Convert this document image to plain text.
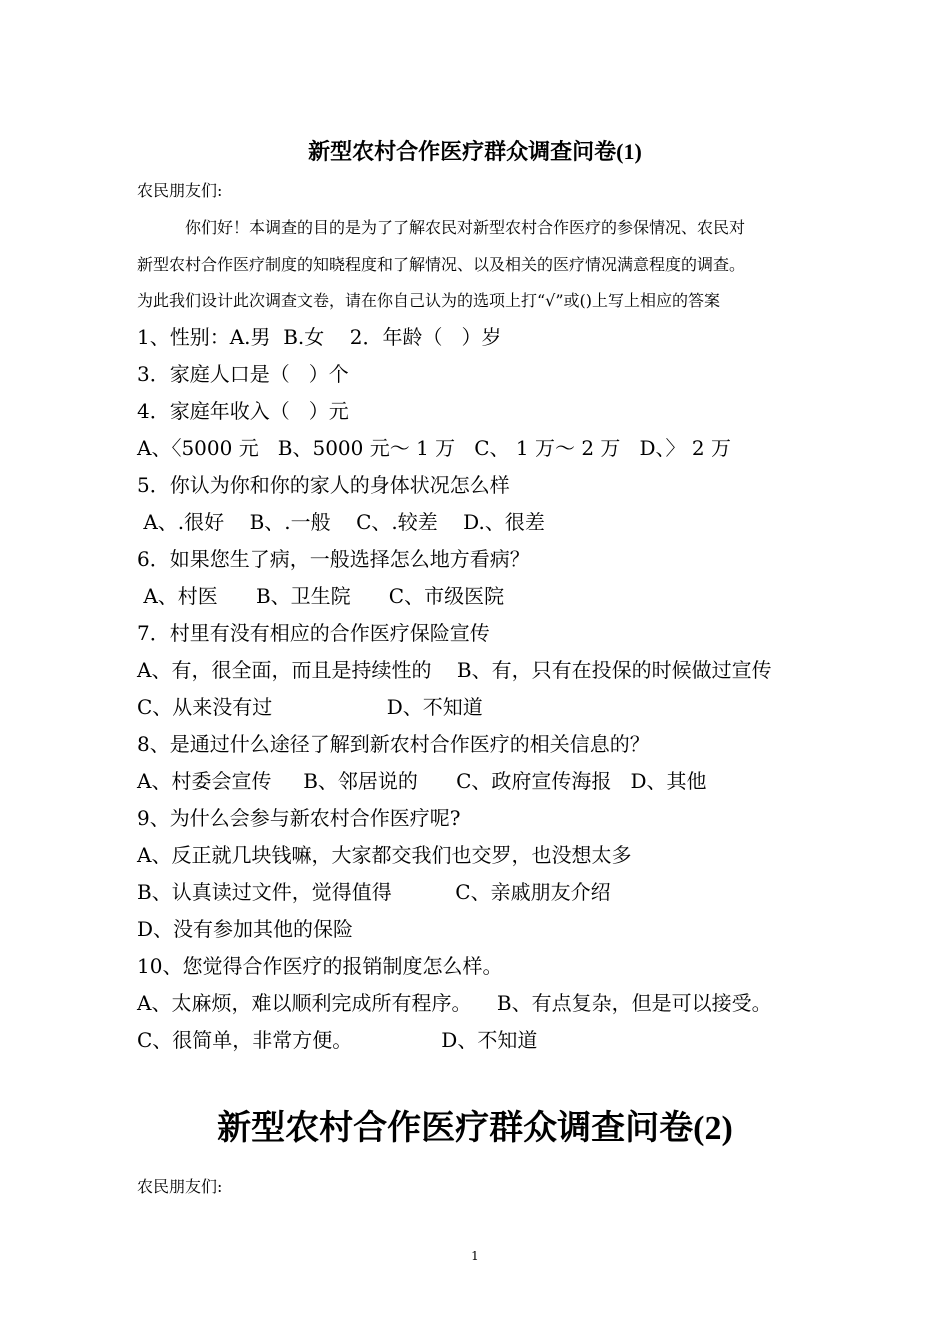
新型农村合作医疗群众调查问卷(1)
农民朋友们:
你们好！本调查的目的是为了了解农民对新型农村合作医疗的参保情况、农民对
新型农村合作医疗制度的知晓程度和了解情况、以及相关的医疗情况满意程度的调查。
为此我们设计此次调查文卷，请在你自己认为的选项上打“√”或()上写上相应的答案
1、性别：A.男  B.女    2．年龄（   ）岁
3．家庭人口是（   ）个
4．家庭年收入（   ）元
A、〈5000 元   B、5000 元～ 1 万   C、 1 万～ 2 万   D、〉 2 万
5．你认为你和你的家人的身体状况怎么样
A、.很好    B、.一般    C、.较差    D.、很差
6．如果您生了病，一般选择怎么地方看病？
A、村医      B、卫生院      C、市级医院
7．村里有没有相应的合作医疗保险宣传
A、有，很全面，而且是持续性的    B、有，只有在投保的时候做过宣传
C、从来没有过                  D、不知道
8、是通过什么途径了解到新农村合作医疗的相关信息的？
A、村委会宣传     B、邻居说的      C、政府宣传海报   D、其他
9、为什么会参与新农村合作医疗呢?
A、反正就几块钱嘛，大家都交我们也交罗，也没想太多
B、认真读过文件，觉得值得          C、亲戚朋友介绍
D、没有参加其他的保险
10、您觉得合作医疗的报销制度怎么样。
A、太麻烦，难以顺利完成所有程序。    B、有点复杂，但是可以接受。
C、很简单，非常方便。              D、不知道
新型农村合作医疗群众调查问卷(2)
农民朋友们:
1
